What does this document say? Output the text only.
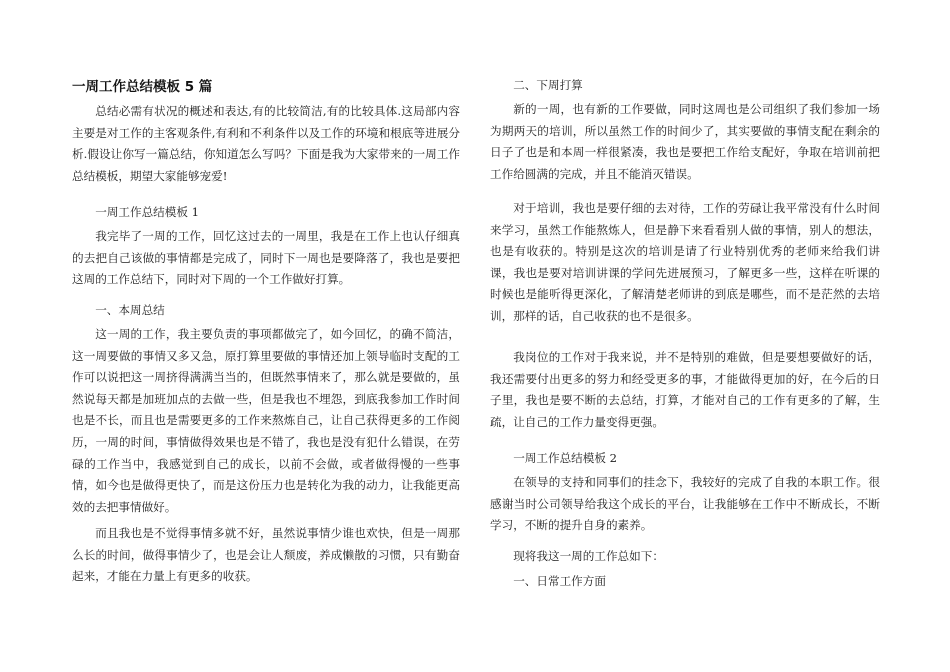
一周工作总结模板 5 篇
总结必需有状况的概述和表达,有的比较简洁,有的比较具体.这局部内容主要是对工作的主客观条件,有利和不利条件以及工作的环境和根底等进展分析.假设让你写一篇总结，你知道怎么写吗？下面是我为大家带来的一周工作总结模板，期望大家能够宠爱!
一周工作总结模板 1
我完毕了一周的工作，回忆这过去的一周里，我是在工作上也认仔细真的去把自己该做的事情都是完成了，同时下一周也是要降落了，我也是要把这周的工作总结下，同时对下周的一个工作做好打算。
一、本周总结
这一周的工作，我主要负责的事项都做完了，如今回忆，的确不简洁，这一周要做的事情又多又急，原打算里要做的事情还加上领导临时支配的工作可以说把这一周挤得满满当当的，但既然事情来了，那么就是要做的，虽然说每天都是加班加点的去做一些，但是我也不埋怨，到底我参加工作时间也是不长，而且也是需要更多的工作来熬炼自己，让自己获得更多的工作阅历，一周的时间，事情做得效果也是不错了，我也是没有犯什么错误，在劳碌的工作当中，我感觉到自己的成长，以前不会做，或者做得慢的一些事情，如今也是做得更快了，而是这份压力也是转化为我的动力，让我能更高效的去把事情做好。
而且我也是不觉得事情多就不好，虽然说事情少谁也欢快，但是一周那么长的时间，做得事情少了，也是会让人颓废，养成懒散的习惯，只有勤奋起来，才能在力量上有更多的收获。
二、下周打算
新的一周，也有新的工作要做，同时这周也是公司组织了我们参加一场为期两天的培训，所以虽然工作的时间少了，其实要做的事情支配在剩余的日子了也是和本周一样很紧凑，我也是要把工作给支配好，争取在培训前把工作给圆满的完成，并且不能消灭错误。
对于培训，我也是要仔细的去对待，工作的劳碌让我平常没有什么时间来学习，虽然工作能熬炼人，但是静下来看看别人做的事情，别人的想法，也是有收获的。特别是这次的培训是请了行业特别优秀的老师来给我们讲课，我也是要对培训讲课的学问先进展预习，了解更多一些，这样在听课的时候也是能听得更深化，了解清楚老师讲的到底是哪些，而不是茫然的去培训，那样的话，自己收获的也不是很多。
我岗位的工作对于我来说，并不是特别的难做，但是要想要做好的话，我还需要付出更多的努力和经受更多的事，才能做得更加的好，在今后的日子里，我也是要不断的去总结，打算，才能对自己的工作有更多的了解，生疏，让自己的工作力量变得更强。
一周工作总结模板 2
在领导的支持和同事们的挂念下，我较好的完成了自我的本职工作。很感谢当时公司领导给我这个成长的平台，让我能够在工作中不断成长，不断学习，不断的提升自身的素养。
现将我这一周的工作总如下：
一、日常工作方面
